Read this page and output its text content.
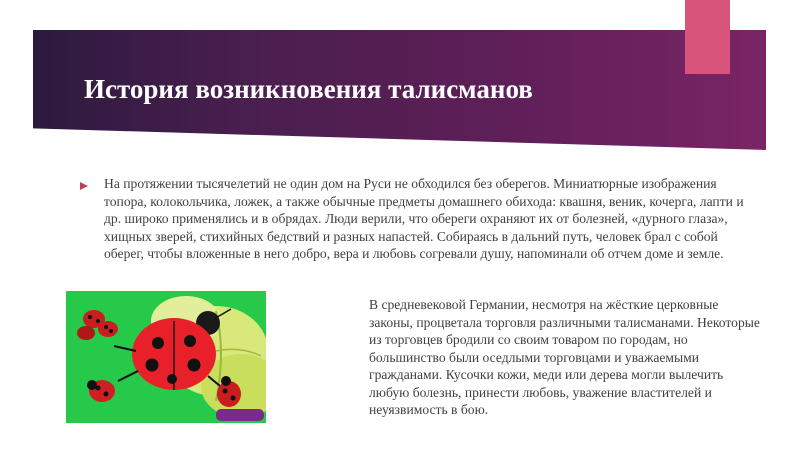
История возникновения талисманов
На протяжении тысячелетий не один дом на Руси не обходился без оберегов. Миниатюрные изображения топора, колокольчика, ложек, а также обычные предметы домашнего обихода: квашня, веник, кочерга, лапти и др. широко применялись и в обрядах. Люди верили, что обереги охраняют их от болезней, «дурного глаза», хищных зверей, стихийных бедствий и разных напастей. Собираясь в дальний путь, человек брал с собой оберег, чтобы вложенные в него добро, вера и любовь согревали душу, напоминали об отчем доме и земле.
В средневековой Германии, несмотря на жёсткие церковные законы, процветала торговля различными талисманами. Некоторые из торговцев бродили со своим товаром по городам, но большинство были оседлыми торговцами и уважаемыми гражданами. Кусочки кожи, меди или дерева могли вылечить любую болезнь, принести любовь, уважение властителей и неуязвимость в бою.
